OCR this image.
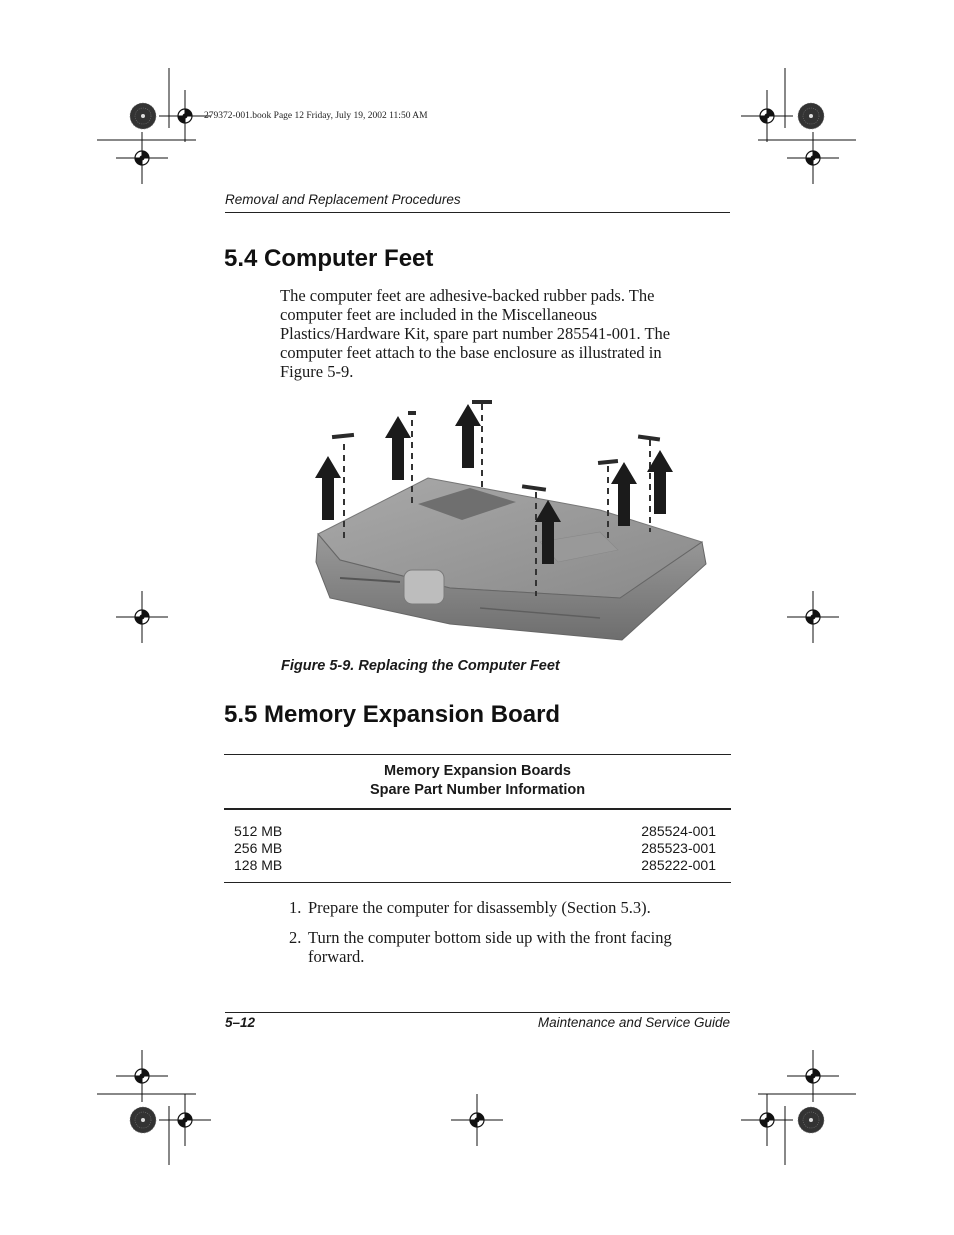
279372-001.book Page 12 Friday, July 19, 2002 11:50 AM
Removal and Replacement Procedures
5.4 Computer Feet

The computer feet are adhesive-backed rubber pads. The

computer feet are included in the Miscellaneous

Plastics/Hardware Kit, spare part number 285541-001. The

computer feet attach to the base enclosure as illustrated in

Figure 5-9.

Figure 5-9. Replacing the Computer Feet
5.5 Memory Expansion Board
Memory Expansion Boards
Spare Part Number Information
512 MB	285524-001
256 MB	285523-001
128 MB	285222-001
1. Prepare the computer for disassembly (Section 5.3).
2. Turn the computer bottom side up with the front facing forward.
5–12	Maintenance and Service Guide
